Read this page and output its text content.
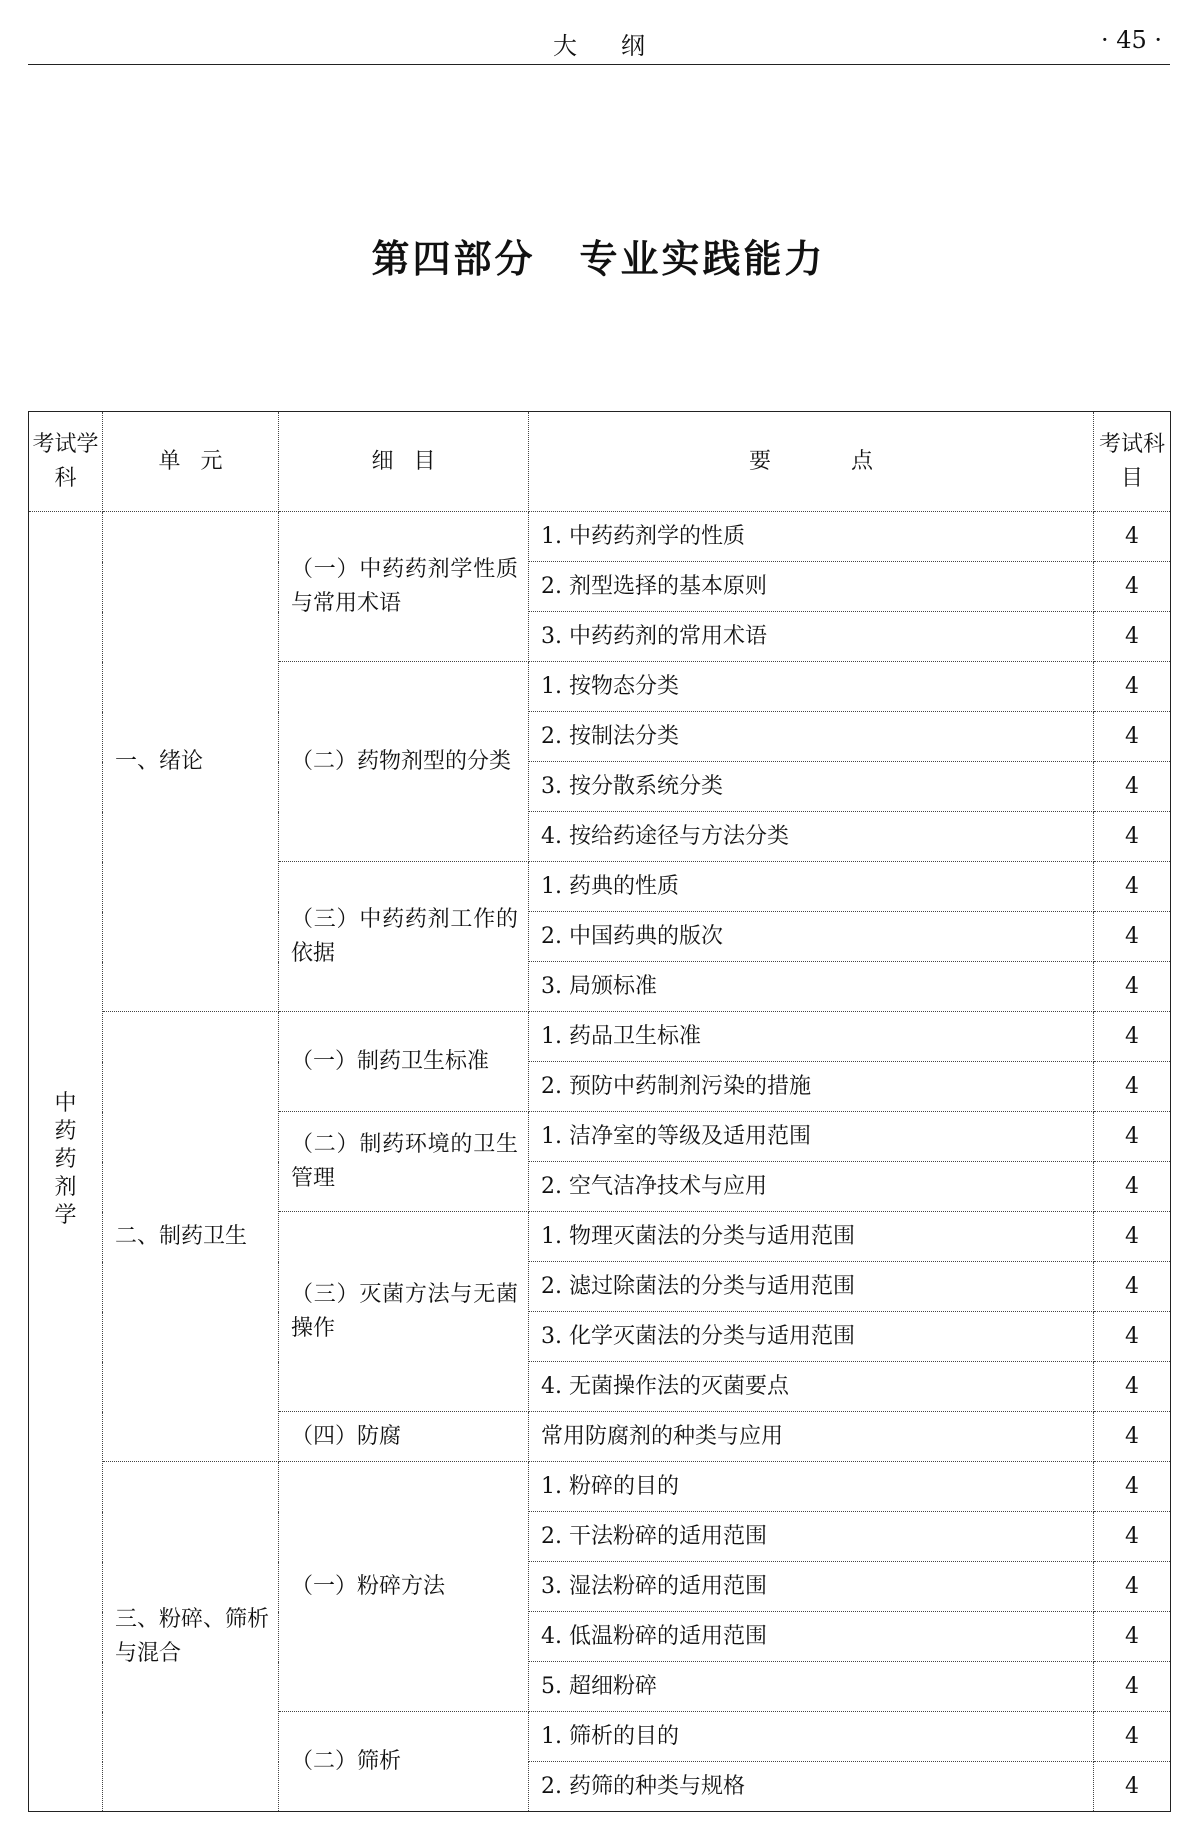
大纲	· 45 ·
第四部分 专业实践能力
考试学科	单元	细目	要点	考试科目
中药药剂学	一、绪论	（一）中药药剂学性质与常用术语	1. 中药药剂学的性质	4
			2. 剂型选择的基本原则	4
			3. 中药药剂的常用术语	4
		（二）药物剂型的分类	1. 按物态分类	4
			2. 按制法分类	4
			3. 按分散系统分类	4
			4. 按给药途径与方法分类	4
		（三）中药药剂工作的依据	1. 药典的性质	4
			2. 中国药典的版次	4
			3. 局颁标准	4
	二、制药卫生	（一）制药卫生标准	1. 药品卫生标准	4
			2. 预防中药制剂污染的措施	4
		（二）制药环境的卫生管理	1. 洁净室的等级及适用范围	4
			2. 空气洁净技术与应用	4
		（三）灭菌方法与无菌操作	1. 物理灭菌法的分类与适用范围	4
			2. 滤过除菌法的分类与适用范围	4
			3. 化学灭菌法的分类与适用范围	4
			4. 无菌操作法的灭菌要点	4
		（四）防腐	常用防腐剂的种类与应用	4
	三、粉碎、筛析与混合	（一）粉碎方法	1. 粉碎的目的	4
			2. 干法粉碎的适用范围	4
			3. 湿法粉碎的适用范围	4
			4. 低温粉碎的适用范围	4
			5. 超细粉碎	4
		（二）筛析	1. 筛析的目的	4
			2. 药筛的种类与规格	4
